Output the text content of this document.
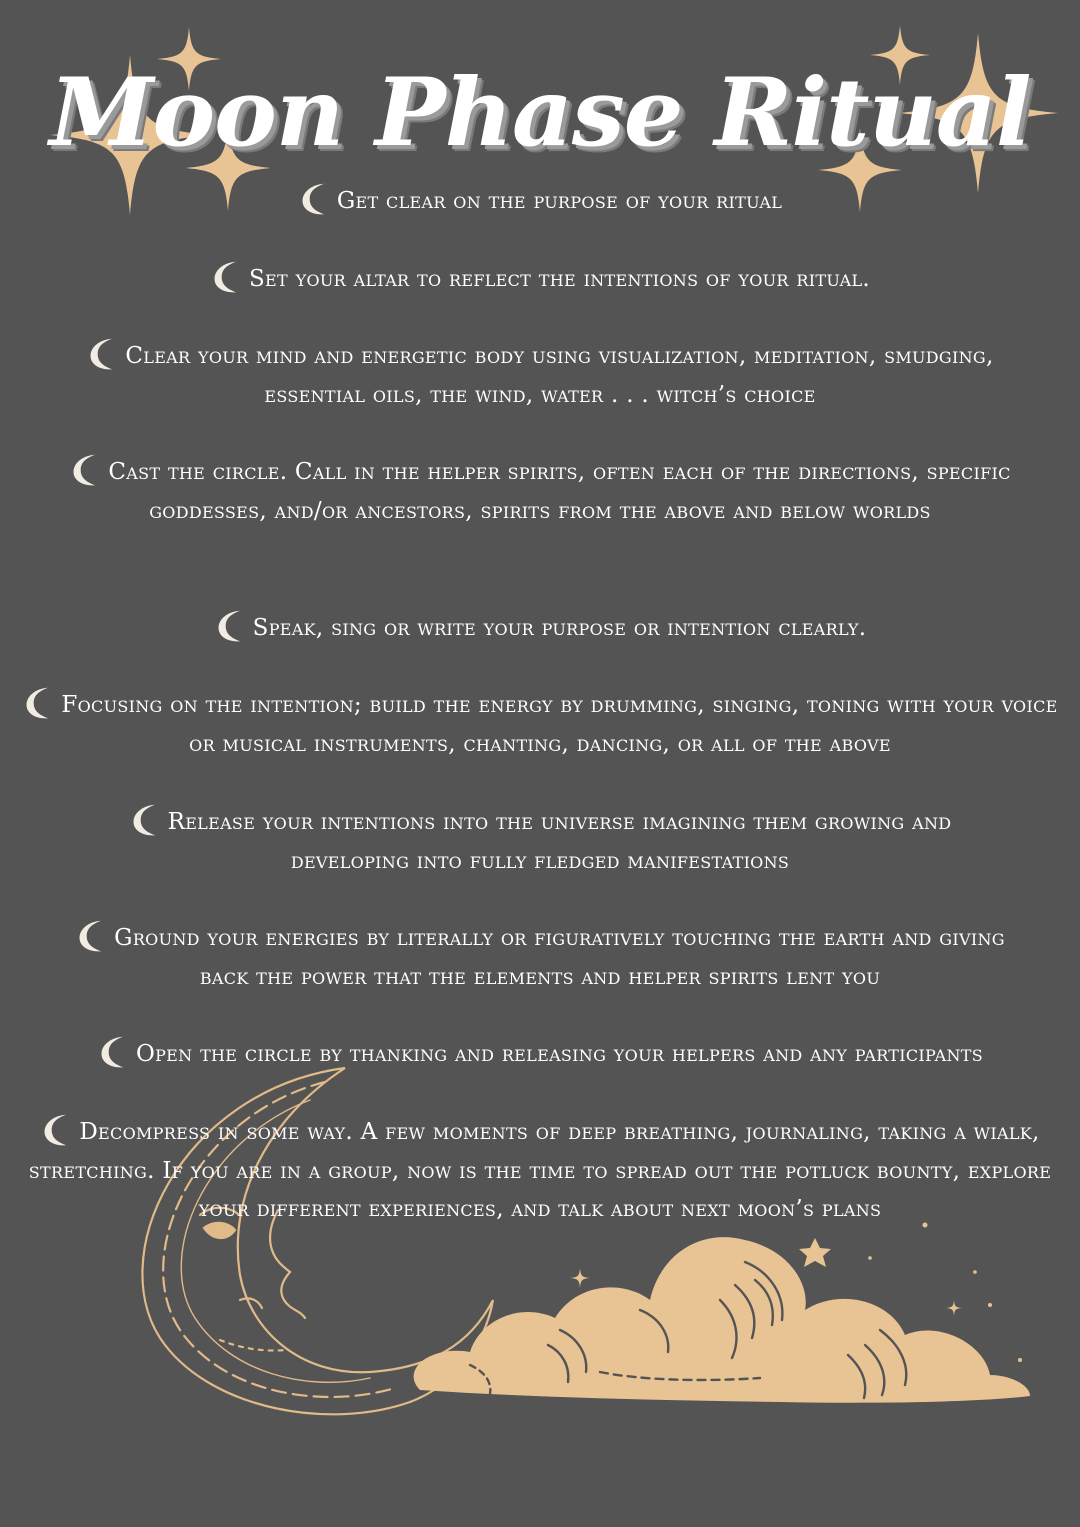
Moon Phase Ritual
Get clear on the purpose of your ritual
Set your altar to reflect the intentions of your ritual.
Clear your mind and energetic body using visualization, meditation, smudging, essential oils, the wind, water . . . witch’s choice
Cast the circle. Call in the helper spirits, often each of the directions, specific goddesses, and/or ancestors, spirits from the above and below worlds
Speak, sing or write your purpose or intention clearly.
Focusing on the intention; build the energy by drumming, singing, toning with your voice or musical instruments, chanting, dancing, or all of the above
Release your intentions into the universe imagining them growing and developing into fully fledged manifestations
Ground your energies by literally or figuratively touching the earth and giving back the power that the elements and helper spirits lent you
Open the circle by thanking and releasing your helpers and any participants
Decompress in some way. A few moments of deep breathing, journaling, taking a wialk, stretching. If you are in a group, now is the time to spread out the potluck bounty, explore your different experiences, and talk about next moon’s plans
